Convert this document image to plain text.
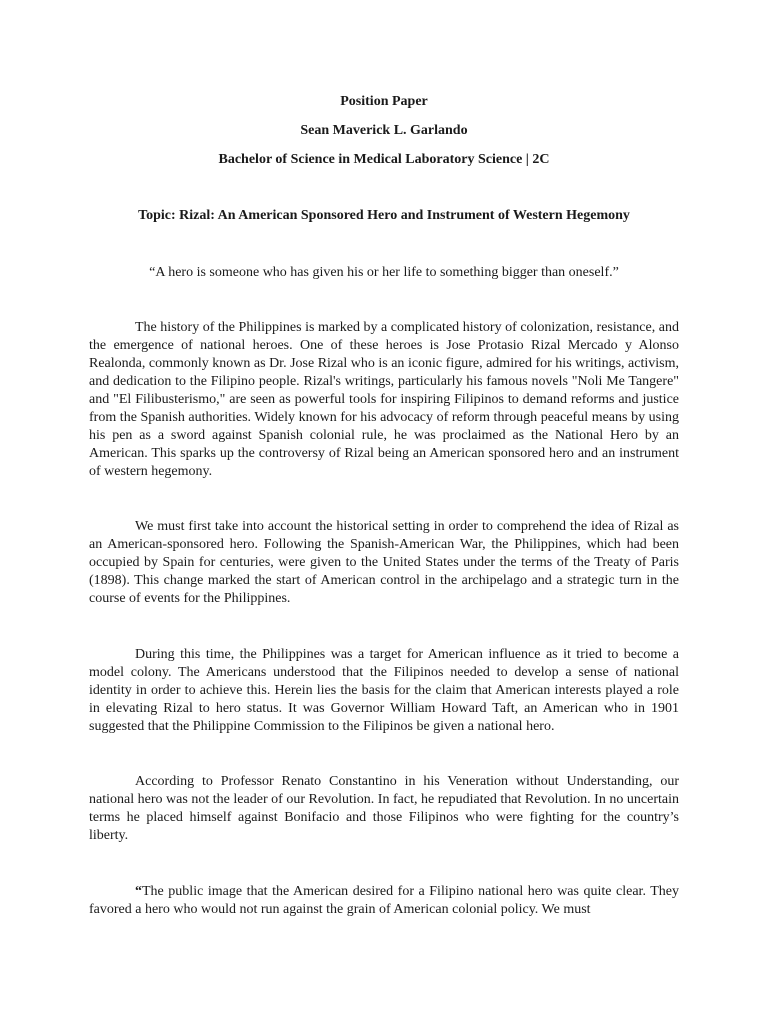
Position Paper
Sean Maverick L. Garlando
Bachelor of Science in Medical Laboratory Science | 2C
Topic: Rizal: An American Sponsored Hero and Instrument of Western Hegemony
“A hero is someone who has given his or her life to something bigger than oneself.”

The history of the Philippines is marked by a complicated history of colonization, resistance, and the emergence of national heroes. One of these heroes is Jose Protasio Rizal Mercado y Alonso Realonda, commonly known as Dr. Jose Rizal who is an iconic figure, admired for his writings, activism, and dedication to the Filipino people. Rizal's writings, particularly his famous novels "Noli Me Tangere" and "El Filibusterismo," are seen as powerful tools for inspiring Filipinos to demand reforms and justice from the Spanish authorities. Widely known for his advocacy of reform through peaceful means by using his pen as a sword against Spanish colonial rule, he was proclaimed as the National Hero by an American. This sparks up the controversy of Rizal being an American sponsored hero and an instrument of western hegemony.

We must first take into account the historical setting in order to comprehend the idea of Rizal as an American-sponsored hero. Following the Spanish-American War, the Philippines, which had been occupied by Spain for centuries, were given to the United States under the terms of the Treaty of Paris (1898). This change marked the start of American control in the archipelago and a strategic turn in the course of events for the Philippines.

During this time, the Philippines was a target for American influence as it tried to become a model colony. The Americans understood that the Filipinos needed to develop a sense of national identity in order to achieve this. Herein lies the basis for the claim that American interests played a role in elevating Rizal to hero status. It was Governor William Howard Taft, an American who in 1901 suggested that the Philippine Commission to the Filipinos be given a national hero.

According to Professor Renato Constantino in his Veneration without Understanding, our national hero was not the leader of our Revolution. In fact, he repudiated that Revolution. In no uncertain terms he placed himself against Bonifacio and those Filipinos who were fighting for the country’s liberty.

“The public image that the American desired for a Filipino national hero was quite clear. They favored a hero who would not run against the grain of American colonial policy. We must
